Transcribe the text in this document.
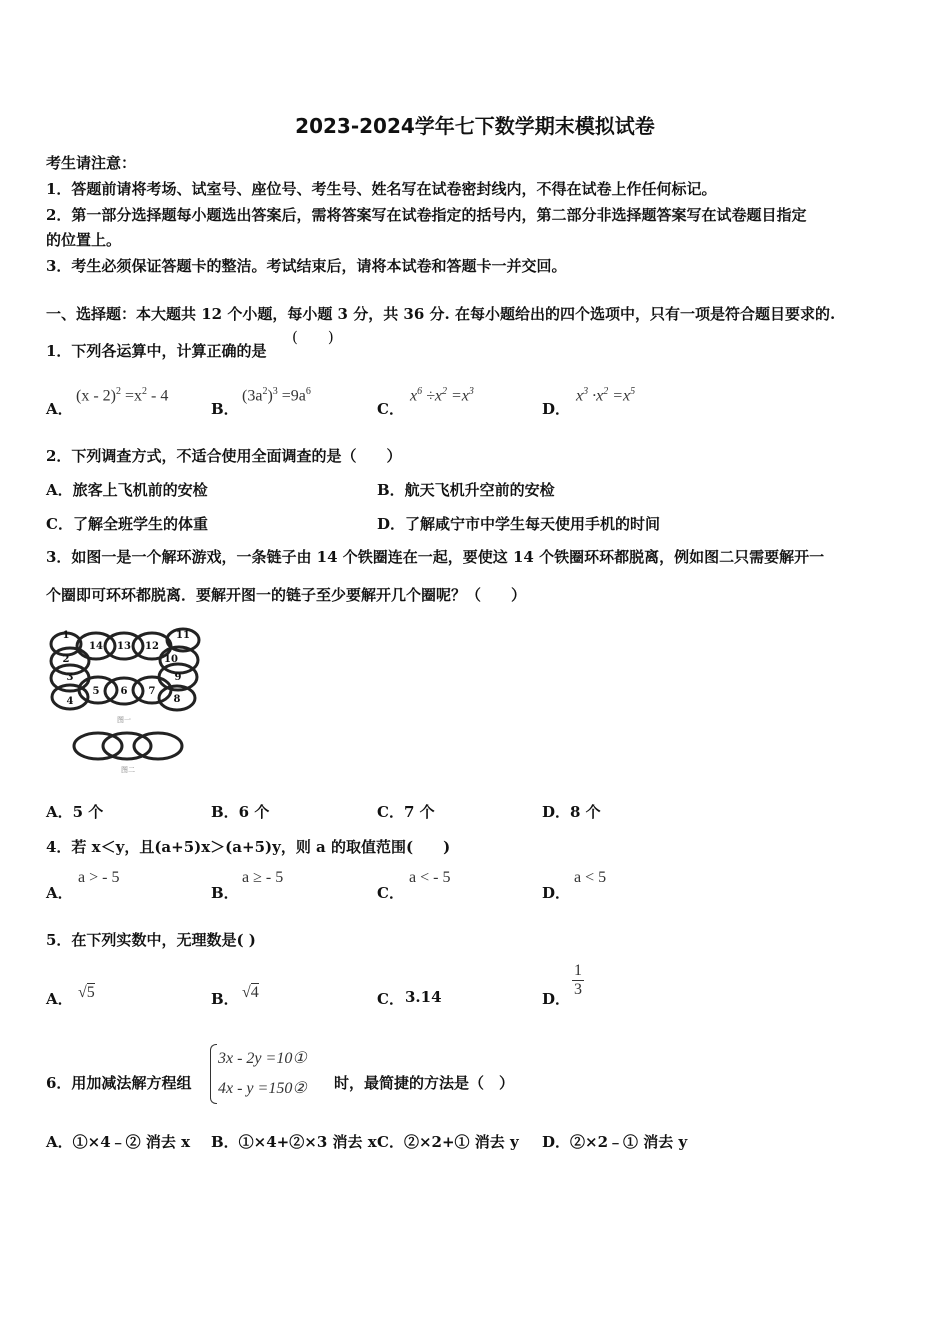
2023-2024学年七下数学期末模拟试卷
考生请注意：
1．答题前请将考场、试室号、座位号、考生号、姓名写在试卷密封线内，不得在试卷上作任何标记。
2．第一部分选择题每小题选出答案后，需将答案写在试卷指定的括号内，第二部分非选择题答案写在试卷题目指定
的位置上。
3．考生必须保证答题卡的整洁。考试结束后，请将本试卷和答题卡一并交回。
一、选择题：本大题共 12 个小题，每小题 3 分，共 36 分. 在每小题给出的四个选项中，只有一项是符合题目要求的.
1．下列各运算中，计算正确的是
(　　)
A．
$(x - 2)^2 =x^2 - 4$
B．
$(3a^2)^3 =9a^6$
C．
$x^6 \div x^2 =x^3$
D．
$x^3 \cdot x^2 =x^5$
2．下列调查方式，不适合使用全面调查的是（　　）
A．旅客上飞机前的安检	B．航天飞机升空前的安检
C．了解全班学生的体重	D．了解咸宁市中学生每天使用手机的时间
3．如图一是一个解环游戏，一条链子由 14 个铁圈连在一起，要使这 14 个铁圈环环都脱离，例如图二只需要解开一
个圈即可环环都脱离．要解开图一的链子至少要解开几个圈呢？（　　）
1
14 13 12
11
2	10
3	9
4
5 6 7
8
图一
图二
A．5 个	B．6 个	C．7 个	D．8 个
4．若 x＜y，且(a+5)x＞(a+5)y，则 a 的取值范围(　　)
A．
a > - 5
B．
a ≥ - 5
C．
a < - 5
D．
a < 5
5．在下列实数中，无理数是( )
A． √5	B． √4	C． 3.14	D． $\frac{1}{3}$
6．用加减法解方程组
3x - 2y =10①
4x - y =150② 时，最简捷的方法是（　）
A．①×4﹣② 消去 x B．①×4+②×3 消去 x C．②×2+① 消去 y D．②×2﹣① 消去 y
